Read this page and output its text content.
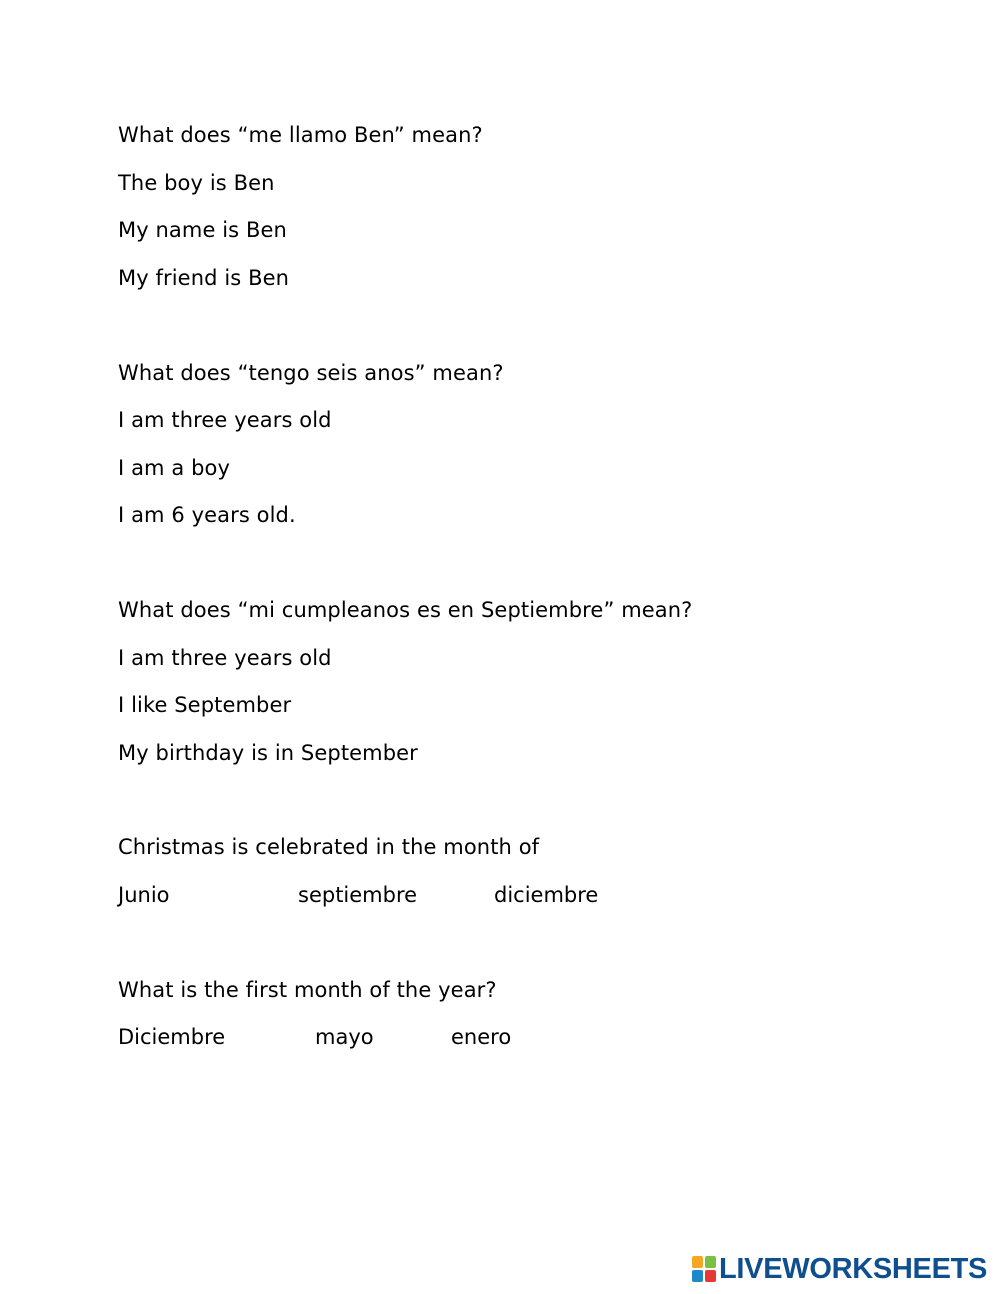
What does “me llamo Ben” mean?
The boy is Ben
My name is Ben
My friend is Ben
What does “tengo seis anos” mean?
I am three years old
I am a boy
I am 6 years old.
What does “mi cumpleanos es en Septiembre” mean?
I am three years old
I like September
My birthday is in September
Christmas is celebrated in the month of
Junio	septiembre	diciembre
What is the first month of the year?
Diciembre	mayo	enero
LIVEWORKSHEETS
